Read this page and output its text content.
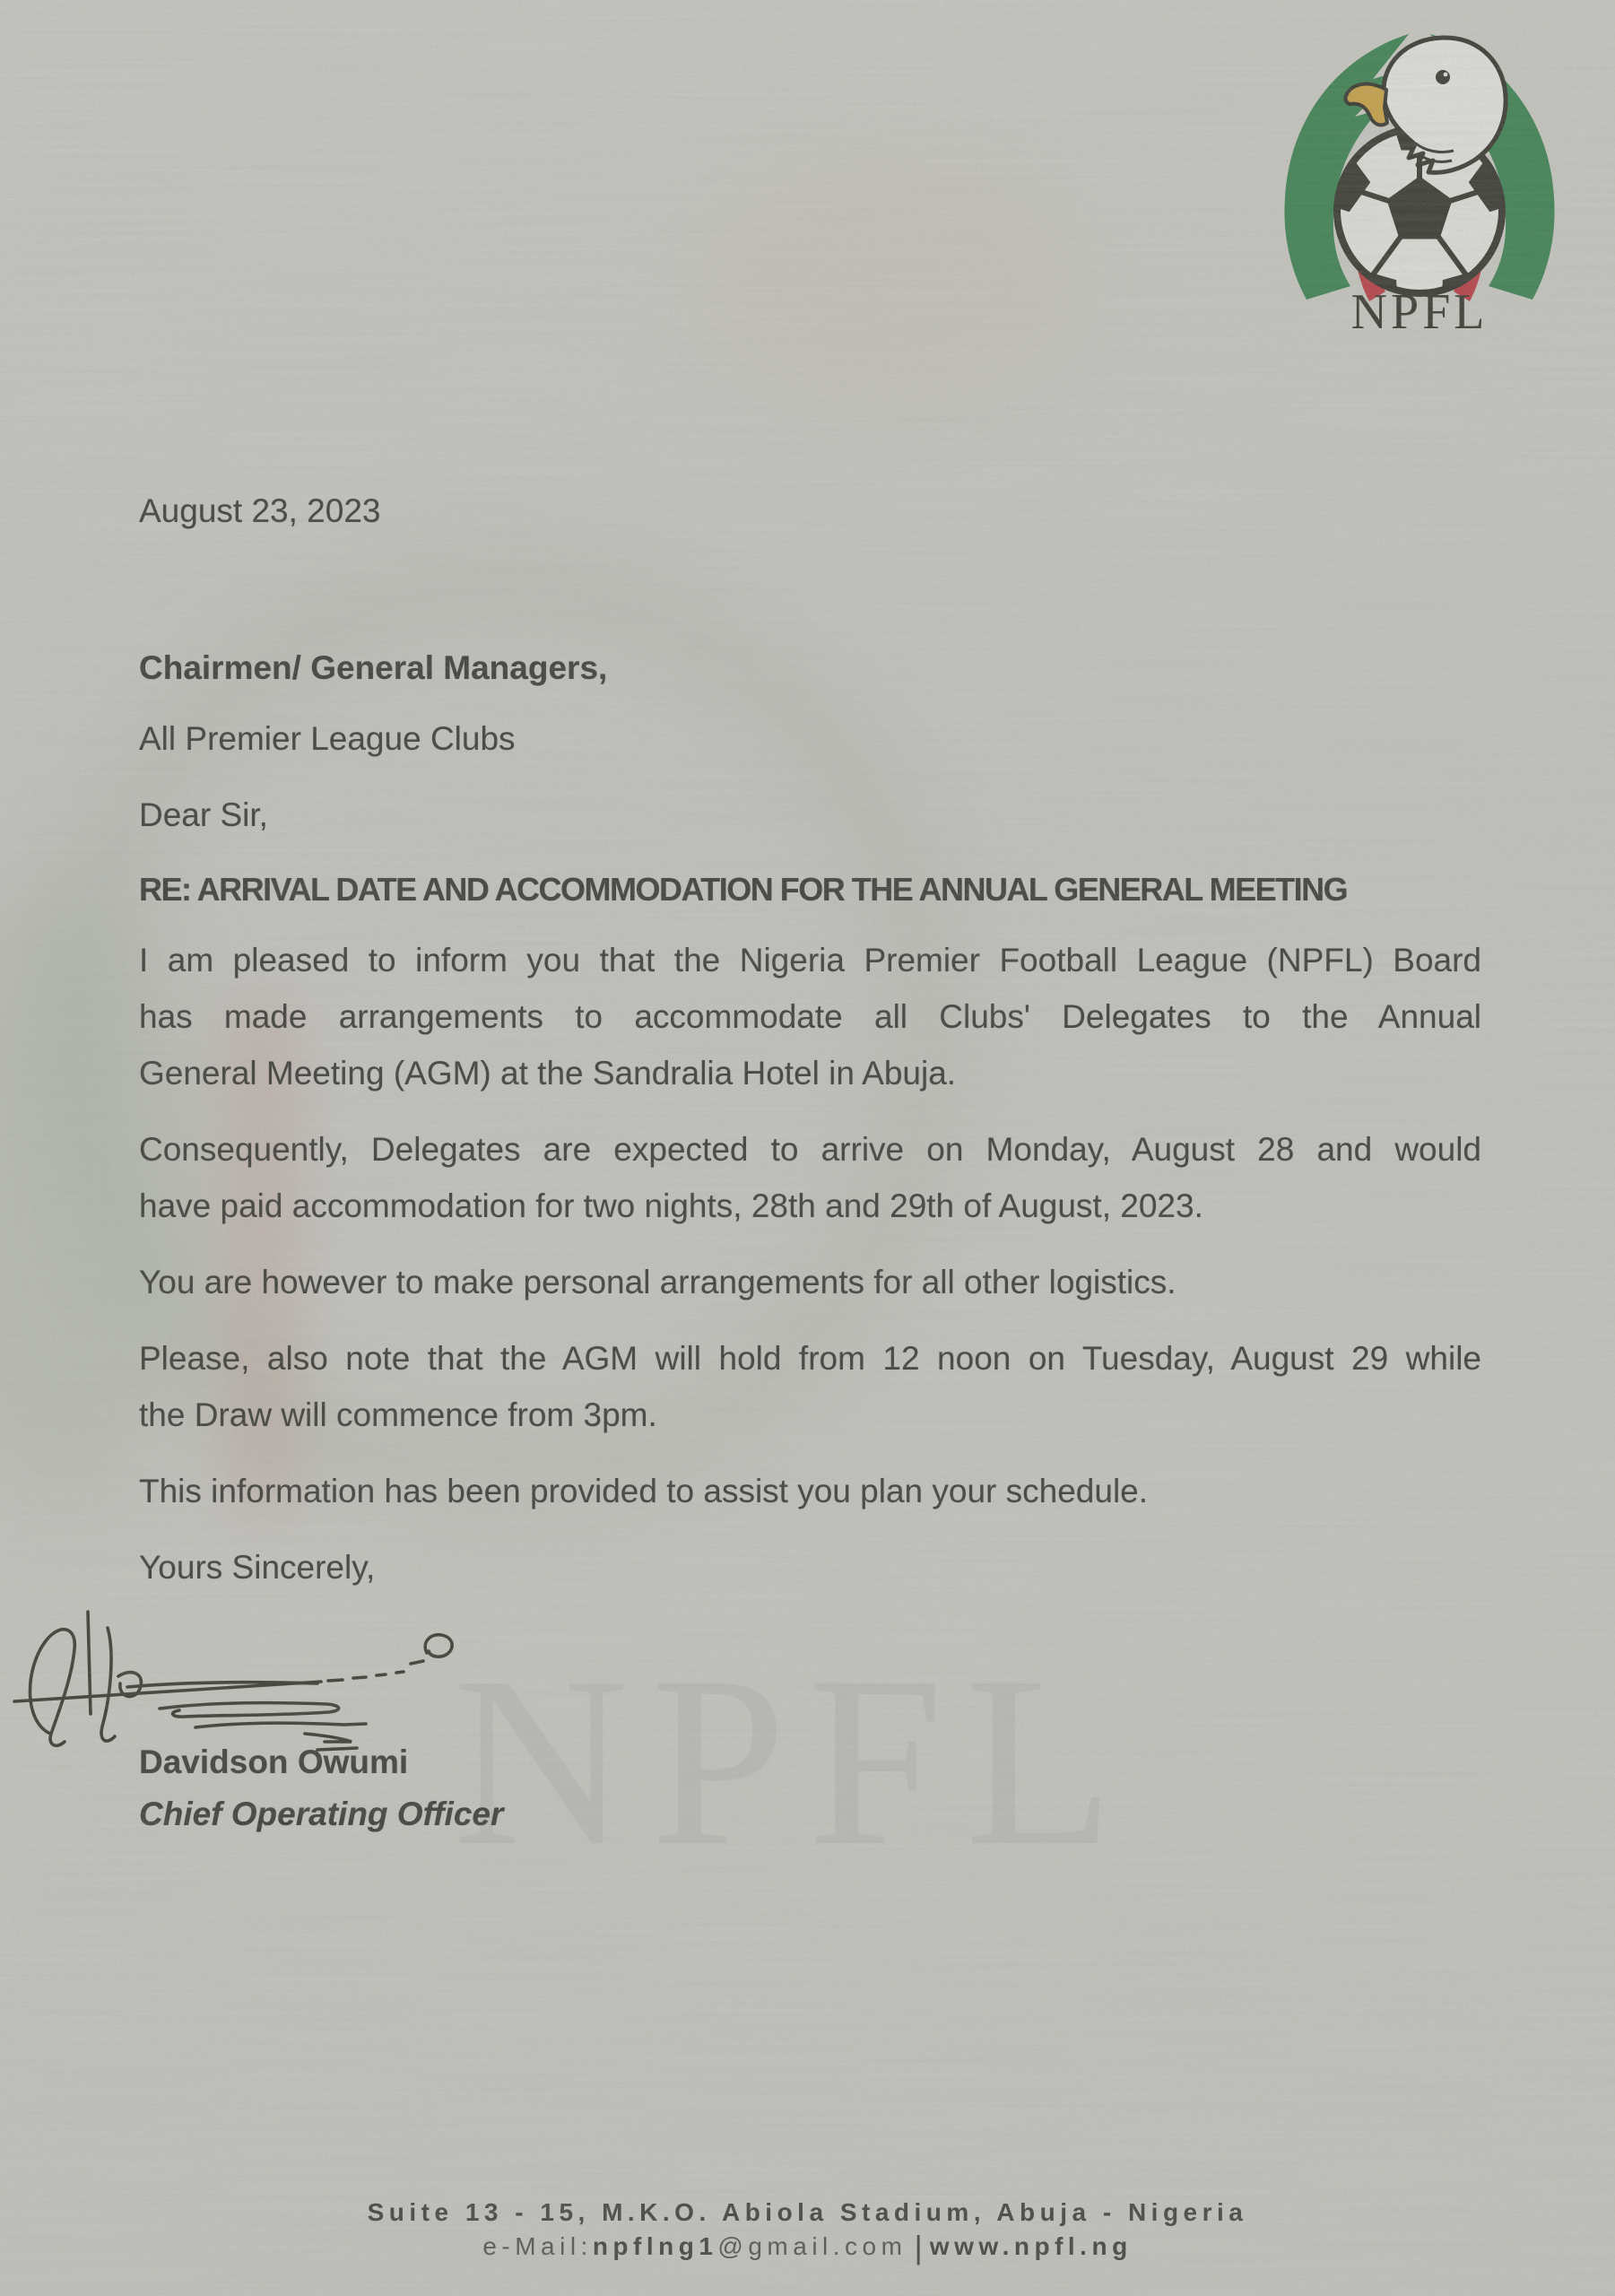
NPFL
NPFL
August 23, 2023
Chairmen/ General Managers,
All Premier League Clubs
Dear Sir,
RE: ARRIVAL DATE AND ACCOMMODATION FOR THE ANNUAL GENERAL MEETING

I am pleased to inform you that the Nigeria Premier Football League (NPFL) Board
has made arrangements to accommodate all Clubs' Delegates to the Annual
General Meeting (AGM) at the Sandralia Hotel in Abuja.

Consequently, Delegates are expected to arrive on Monday, August 28 and would
have paid accommodation for two nights, 28th and 29th of August, 2023.

You are however to make personal arrangements for all other logistics.

Please, also note that the AGM will hold from 12 noon on Tuesday, August 29 while
the Draw will commence from 3pm.

This information has been provided to assist you plan your schedule.

Yours Sincerely,
Davidson Owumi
Chief Operating Officer
Suite 13 - 15, M.K.O. Abiola Stadium, Abuja - Nigeria
e-Mail:npflng1@gmail.com | www.npfl.ng
